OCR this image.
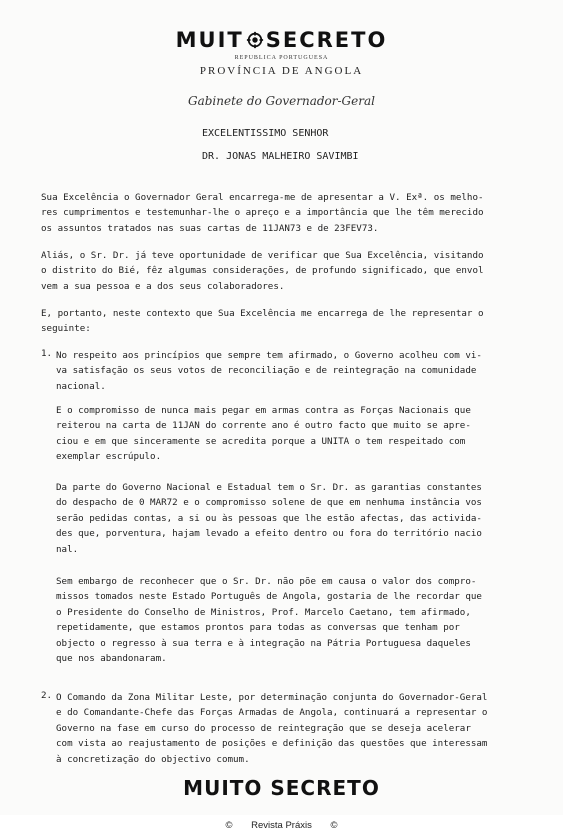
MUIT SECRETO
REPUBLICA PORTUGUESA
PROVÍNCIA DE ANGOLA
Gabinete do Governador-Geral
EXCELENTISSIMO SENHOR
DR. JONAS MALHEIRO SAVIMBI
Sua Excelência o Governador Geral encarrega-me de apresentar a V. Exª. os melho-
res cumprimentos e testemunhar-lhe o apreço e a importância que lhe têm merecido
os assuntos tratados nas suas cartas de 11JAN73 e de 23FEV73.
Aliás, o Sr. Dr. já teve oportunidade de verificar que Sua Excelência, visitando
o distrito do Bié, fêz algumas considerações, de profundo significado, que envol
vem a sua pessoa e a dos seus colaboradores.
E, portanto, neste contexto que Sua Excelência me encarrega de lhe representar o
seguinte:
1. No respeito aos princípios que sempre tem afirmado, o Governo acolheu com vi-
va satisfação os seus votos de reconciliação e de reintegração na comunidade
nacional.
E o compromisso de nunca mais pegar em armas contra as Forças Nacionais que
reiterou na carta de 11JAN do corrente ano é outro facto que muito se apre-
ciou e em que sinceramente se acredita porque a UNITA o tem respeitado com
exemplar escrúpulo.
Da parte do Governo Nacional e Estadual tem o Sr. Dr. as garantias constantes
do despacho de 0 MAR72 e o compromisso solene de que em nenhuma instância vos
serão pedidas contas, a si ou às pessoas que lhe estão afectas, das activida-
des que, porventura, hajam levado a efeito dentro ou fora do território nacio
nal.
Sem embargo de reconhecer que o Sr. Dr. não põe em causa o valor dos compro-
missos tomados neste Estado Português de Angola, gostaria de lhe recordar que
o Presidente do Conselho de Ministros, Prof. Marcelo Caetano, tem afirmado,
repetidamente, que estamos prontos para todas as conversas que tenham por
objecto o regresso à sua terra e à integração na Pátria Portuguesa daqueles
que nos abandonaram.
2. O Comando da Zona Militar Leste, por determinação conjunta do Governador-Geral
e do Comandante-Chefe das Forças Armadas de Angola, continuará a representar o
Governo na fase em curso do processo de reintegração que se deseja acelerar
com vista ao reajustamento de posições e definição das questões que interessam
à concretização do objectivo comum.
MUITO SECRETO
© Revista Práxis ©
